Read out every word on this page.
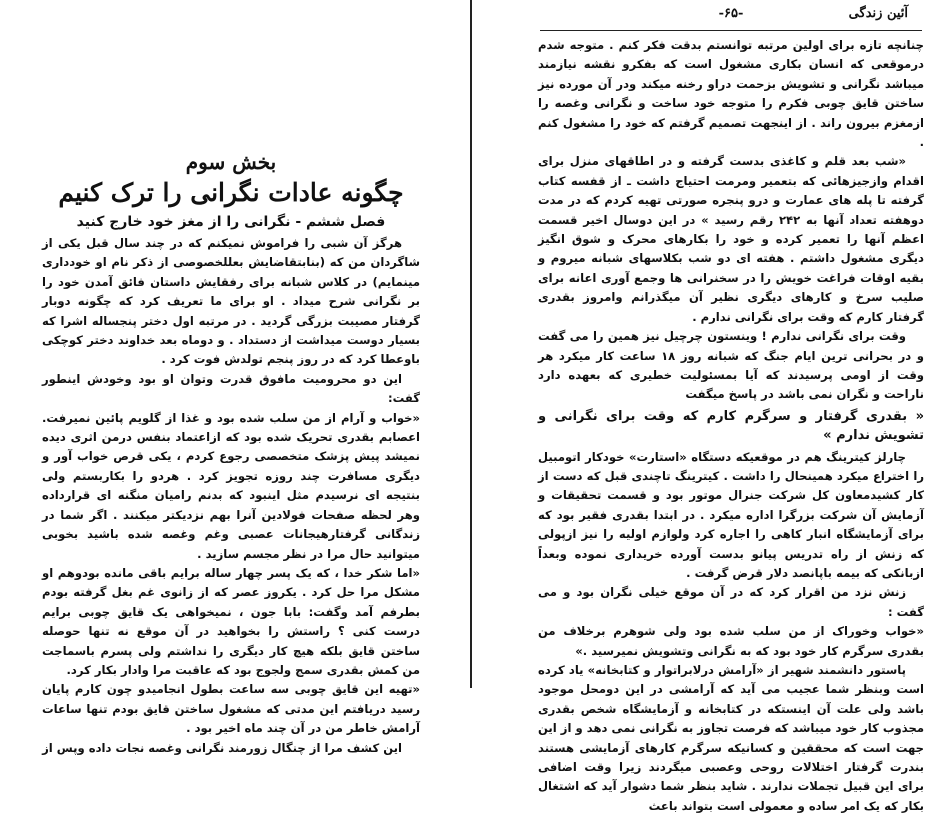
بخش سوم
چگونه عادات نگرانی را ترک کنیم
فصل ششم - نگرانی را از مغز خود خارج کنید

هرگز آن شبی را فراموش نمیکنم که در چند سال قبل یکی از شاگردان من که (بنابتقاضایش بعللخصوصی از ذکر نام او خودداری مینمایم) در کلاس شبانه برای رفقایش داستان فائق آمدن خود را بر نگرانی شرح میداد . او برای ما تعریف کرد که چگونه دوبار گرفتار مصیبت بزرگی گردید . در مرتبه اول دختر پنجساله اشرا که بسیار دوست میداشت از دستداد . و دوماه بعد خداوند دختر کوچکی باوعطا کرد که در روز پنجم تولدش فوت کرد .

این دو محرومیت مافوق قدرت وتوان او بود وخودش اینطور گفت:

«خواب و آرام از من سلب شده بود و غذا از گلویم پائین نمیرفت. اعصابم بقدری تحریک شده بود که ازاعتماد بنفس درمن اثری دیده نمیشد پیش پزشک متخصصی رجوع کردم ، یکی قرص خواب آور و دیگری مسافرت چند روزه تجویز کرد . هردو را بکاربستم ولی بنتیجه ای نرسیدم مثل اینبود که بدنم رامیان منگنه ای قرارداده وهر لحظه صفحات فولادین آنرا بهم نزدیکتر میکنند . اگر شما در زندگانی گرفتارهیجانات عصبی وغم وغصه شده باشید بخوبی میتوانید حال مرا در نظر مجسم سازید .

«اما شکر خدا ، که یک پسر چهار ساله برایم باقی مانده بودوهم او مشکل مرا حل کرد . یکروز عصر که از زانوی غم بغل گرفته بودم بطرفم آمد وگفت: بابا جون ، نمیخواهی یک قایق چوبی برایم درست کنی ؟ راستش را بخواهید در آن موقع نه تنها حوصله ساختن قایق بلکه هیچ کار دیگری را نداشتم ولی پسرم باسماجت من کمش بقدری سمج ولجوج بود که عاقبت مرا وادار بکار کرد.

«تهیه این قایق چوبی سه ساعت بطول انجامیدو چون کارم پایان رسید دریافتم این مدتی که مشغول ساختن قایق بودم تنها ساعات آرامش خاطر من در آن چند ماه اخیر بود .

این کشف مرا از چنگال زورمند نگرانی وغصه نجات داده وپس از

آئین زندگی
-۶۵-

چنانچه تازه برای اولین مرتبه توانستم بدقت فکر کنم . متوجه شدم درموقعی که انسان بکاری مشغول است که بفکرو نقشه نیازمند میباشد نگرانی و تشویش بزحمت دراو رخنه میکند ودر آن مورده نیز ساختن قایق چوبی فکرم را متوجه خود ساخت و نگرانی وغصه را ازمغزم بیرون راند . از اینجهت تصمیم گرفتم که خود را مشغول کنم .

«شب بعد قلم و کاغذی بدست گرفته و در اطاقهای منزل برای اقدام وازجیزهائی که بتعمیر ومرمت احتیاج داشت ـ از قفسه کتاب گرفته تا پله های عمارت و درو پنجره صورتی تهیه کردم که در مدت دوهفته تعداد آنها به ۲۴۲ رقم رسید » در این دوسال اخیر قسمت اعظم آنها را تعمیر کرده و خود را بکارهای محرک و شوق انگیز دیگری مشغول داشتم . هفته ای دو شب بکلاسهای شبانه میروم و بقیه اوقات فراغت خویش را در سخنرانی ها وجمع آوری اعانه برای صلیب سرخ و کارهای دیگری نظیر آن میگذرانم وامروز بقدری گرفتار کارم که وقت برای نگرانی ندارم .

وقت برای نگرانی ندارم ! وینستون چرچیل نیز همین را می گفت و در بحرانی ترین ایام جنگ که شبانه روز ۱۸ ساعت کار میکرد هر وقت از اومی پرسیدند که آیا بمسئولیت خطیری که بعهده دارد ناراحت و نگران نمی باشد در پاسخ میگفت

« بقدری گرفتار و سرگرم کارم که وقت برای نگرانی و تشویش ندارم »

چارلز کیترینگ هم در موقعیکه دستگاه «استارت» خودکار اتومبیل را اختراع میکرد همینحال را داشت . کیترینگ تاچندی قبل که دست از کار کشیدمعاون کل شرکت جنرال موتور بود و قسمت تحقیقات و آزمایش آن شرکت بزرگرا اداره میکرد . در ابتدا بقدری فقیر بود که برای آزمایشگاه انبار کاهی را اجاره کرد ولوازم اولیه را نیز ازپولی که زنش از راه تدریس پیانو بدست آورده خریداری نموده وبعداً ازبانکی که بیمه باپانصد دلار قرض گرفت .

زنش نزد من اقرار کرد که در آن موقع خیلی نگران بود و می گفت :

«خواب وخوراک از من سلب شده بود ولی شوهرم برخلاف من بقدری سرگرم کار خود بود که به نگرانی وتشویش نمیرسید .»

پاستور دانشمند شهیر از «آرامش درلابراتوار و کتابخانه» یاد کرده است وبنظر شما عجیب می آید که آرامشی در این دومحل موجود باشد ولی علت آن اینستکه در کتابخانه و آزمایشگاه شخص بقدری مجذوب کار خود میباشد که فرصت تجاوز به نگرانی نمی دهد و از این جهت است که محققین و کسانیکه سرگرم کارهای آزمایشی هستند بندرت گرفتار اختلالات روحی وعصبی میگردند زیرا وقت اضافی برای این قبیل تجملات ندارند . شاید بنظر شما دشوار آید که اشتغال بکار که یک امر ساده و معمولی است بتواند باعث
